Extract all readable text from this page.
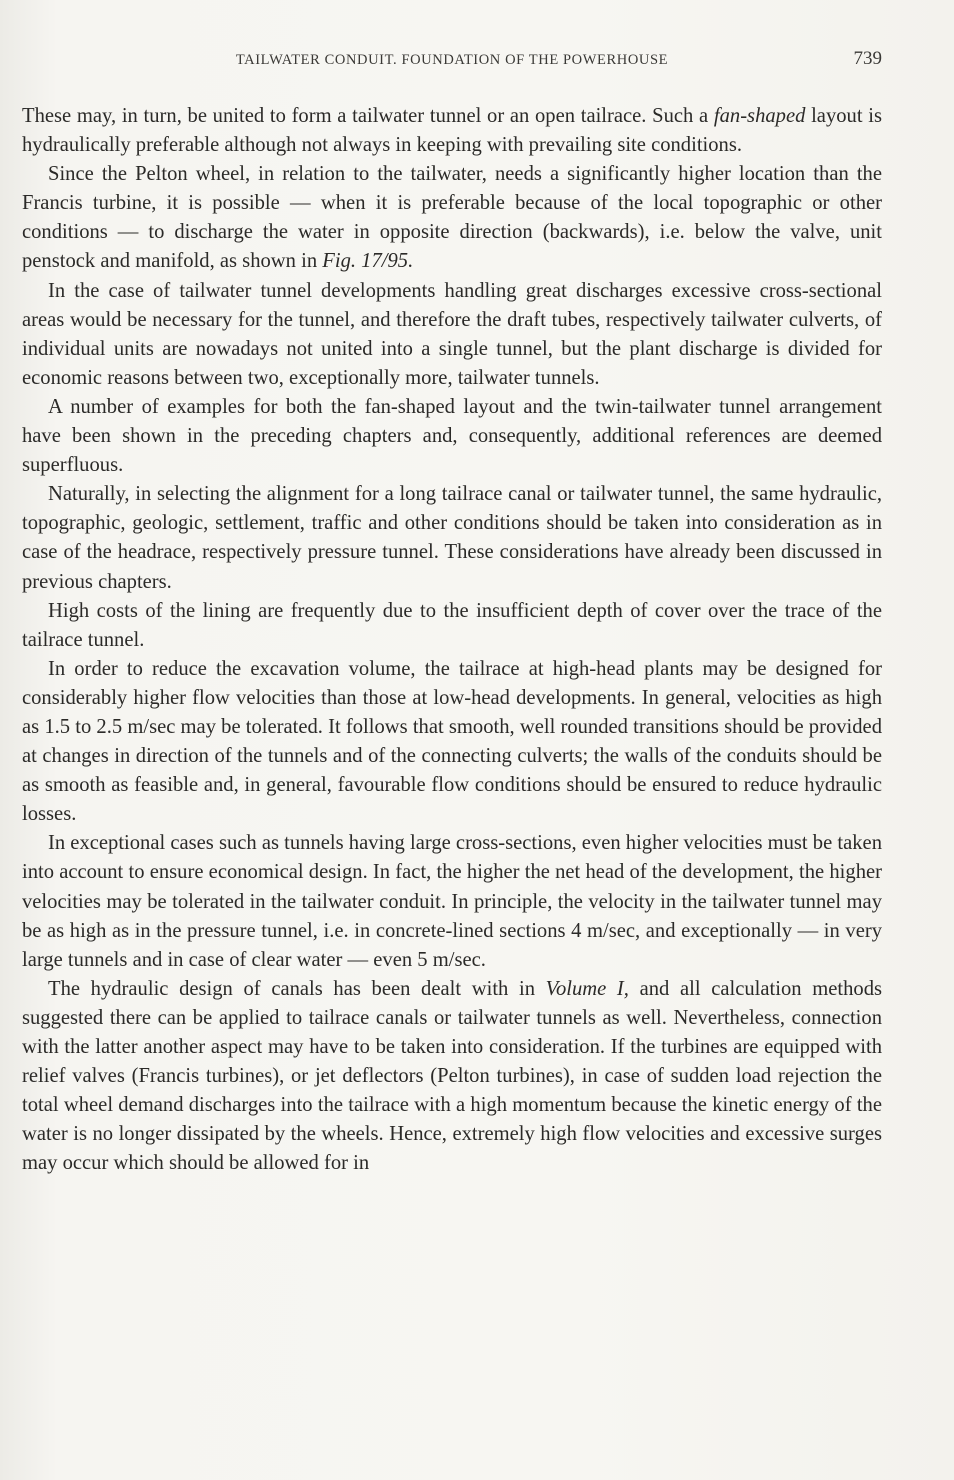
TAILWATER CONDUIT. FOUNDATION OF THE POWERHOUSE	739

These may, in turn, be united to form a tailwater tunnel or an open tailrace. Such a fan-shaped layout is hydraulically preferable although not always in keeping with prevailing site conditions.

Since the Pelton wheel, in relation to the tailwater, needs a significantly higher location than the Francis turbine, it is possible — when it is preferable because of the local topographic or other conditions — to discharge the water in opposite direction (backwards), i.e. below the valve, unit penstock and manifold, as shown in Fig. 17/95.

In the case of tailwater tunnel developments handling great discharges excessive cross-sectional areas would be necessary for the tunnel, and therefore the draft tubes, respectively tailwater culverts, of individual units are nowadays not united into a single tunnel, but the plant discharge is divided for economic reasons between two, exceptionally more, tailwater tunnels.

A number of examples for both the fan-shaped layout and the twin-tailwater tunnel arrangement have been shown in the preceding chapters and, consequently, additional references are deemed superfluous.

Naturally, in selecting the alignment for a long tailrace canal or tailwater tunnel, the same hydraulic, topographic, geologic, settlement, traffic and other conditions should be taken into consideration as in case of the headrace, respectively pressure tunnel. These considerations have already been discussed in previous chapters.

High costs of the lining are frequently due to the insufficient depth of cover over the trace of the tailrace tunnel.

In order to reduce the excavation volume, the tailrace at high-head plants may be designed for considerably higher flow velocities than those at low-head developments. In general, velocities as high as 1.5 to 2.5 m/sec may be tolerated. It follows that smooth, well rounded transitions should be provided at changes in direction of the tunnels and of the connecting culverts; the walls of the conduits should be as smooth as feasible and, in general, favourable flow conditions should be ensured to reduce hydraulic losses.

In exceptional cases such as tunnels having large cross-sections, even higher velocities must be taken into account to ensure economical design. In fact, the higher the net head of the development, the higher velocities may be tolerated in the tailwater conduit. In principle, the velocity in the tailwater tunnel may be as high as in the pressure tunnel, i.e. in concrete-lined sections 4 m/sec, and exceptionally — in very large tunnels and in case of clear water — even 5 m/sec.

The hydraulic design of canals has been dealt with in Volume I, and all calculation methods suggested there can be applied to tailrace canals or tailwater tunnels as well. Nevertheless, connection with the latter another aspect may have to be taken into consideration. If the turbines are equipped with relief valves (Francis turbines), or jet deflectors (Pelton turbines), in case of sudden load rejection the total wheel demand discharges into the tailrace with a high momentum because the kinetic energy of the water is no longer dissipated by the wheels. Hence, extremely high flow velocities and excessive surges may occur which should be allowed for in
